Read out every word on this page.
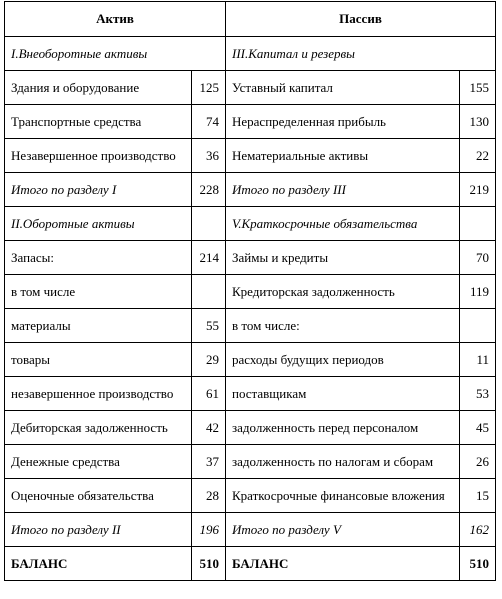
Актив		Пассив	
I.Внеоборотные активы		III.Капитал и резервы	
Здания и оборудование	125	Уставный капитал	155
Транспортные средства	74	Нераспределенная прибыль	130
Незавершенное производство	36	Нематериальные активы	22
Итого по разделу I	228	Итого по разделу III	219
II.Оборотные активы		V.Краткосрочные обязательства	
Запасы:	214	Займы и кредиты	70
в том числе		Кредиторская задолженность	119
материалы	55	в том числе:	
товары	29	расходы будущих периодов	11
незавершенное производство	61	поставщикам	53
Дебиторская задолженность	42	задолженность перед персоналом	45
Денежные средства	37	задолженность по налогам и сборам	26
Оценочные обязательства	28	Краткосрочные финансовые вложения	15
Итого по разделу II	196	Итого по разделу V	162
БАЛАНС	510	БАЛАНС	510
